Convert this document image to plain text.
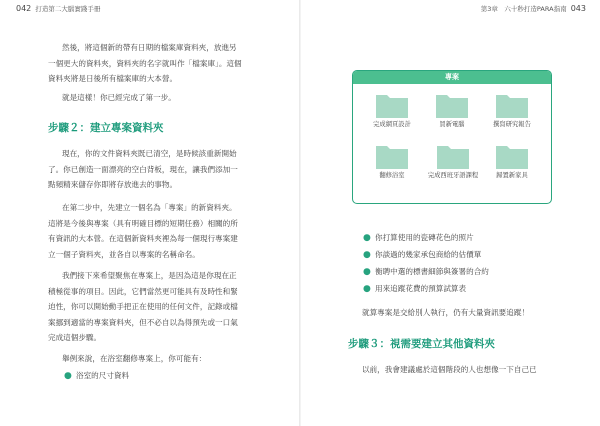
042 打造第二大腦實踐手冊
然後，將這個新的帶有日期的檔案庫資料夾，放進另
一個更大的資料夾，資料夾的名字就叫作「檔案庫」。這個
資料夾將是日後所有檔案庫的大本營。
就是這樣！你已經完成了第一步。
步驟２：建立專案資料夾
現在，你的文件資料夾既已清空，是時候該重新開始
了。你已創造一面漂亮的空白背板，現在，讓我們添加一
點頻精來儲存你即將存放進去的事物。
在第二步中，先建立一個名為「專案」的新資料夾。
這將是今後與專案（具有明確目標的短期任務）相關的所
有資訊的大本營。在這個新資料夾裡為每一個現行專案建
立一個子資料夾，並各自以專案的名稱命名。
我們接下來希望聚焦在專案上，是因為這是你現在正
積極從事的項目。因此，它們當然更可能具有及時性和緊
迫性，你可以開始動手把正在使用的任何文件，記錄或檔
案挪到適當的專案資料夾，但不必自以為得預先或一口氣
完成這個步驟。
舉例來說，在浴室翻修專案上，你可能有：
● 浴室的尺寸資料
第3章　六十秒打造PARA指南 043
專案
完成網頁設計	買新電腦	撰寫研究報告
翻修浴室	完成西班牙語課程	歸置新家具
● 你打算使用的瓷磚花色的照片
● 你談過的幾家承包商給的估價單
● 衡聘中選的標書細節與簽署的合約
● 用來追蹤花費的預算試算表
就算專案是交給別人執行，仍有大量資訊要追蹤！
步驟３：視需要建立其他資料夾
以前，我會建議處於這個階段的人也想像一下自己已
